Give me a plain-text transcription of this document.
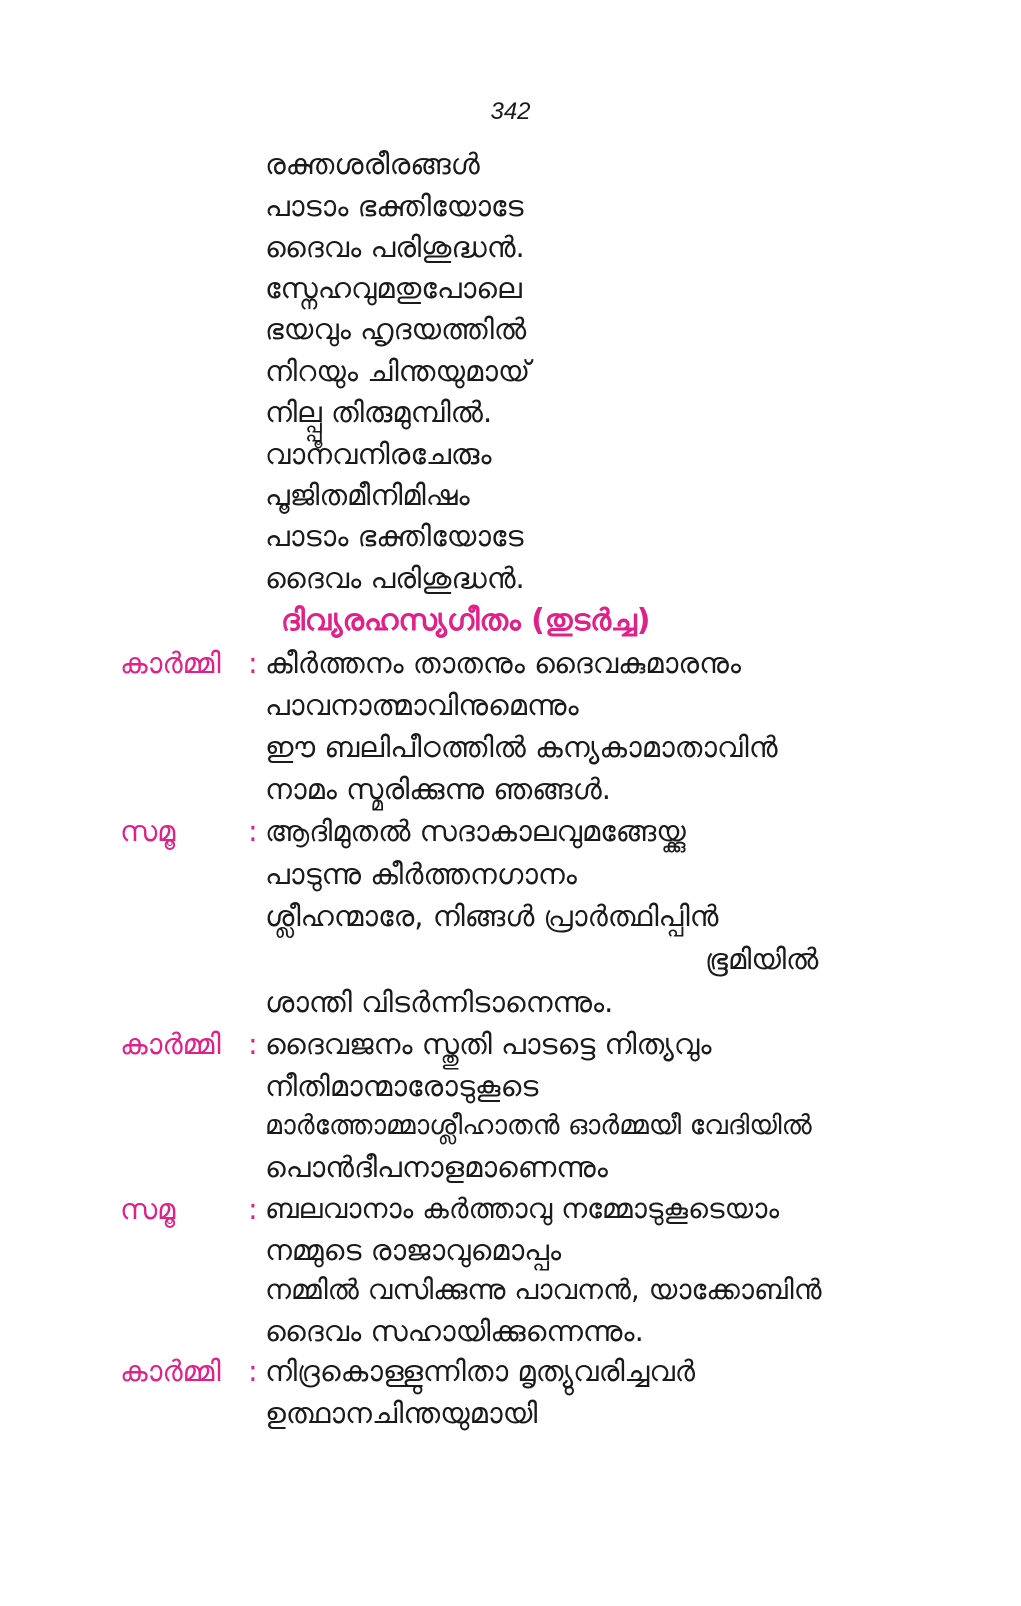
342
രക്തശരീരങ്ങൾ
പാടാം ഭക്തിയോടേ
ദൈവം പരിശുദ്ധൻ.
സ്നേഹവുമതുപോലെ
ഭയവും ഹൃദയത്തിൽ
നിറയും ചിന്തയുമായ്
നില്പ്പൂ തിരുമുമ്പിൽ.
വാനവനിരചേരും
പൂജിതമീനിമിഷം
പാടാം ഭക്തിയോടേ
ദൈവം പരിശുദ്ധൻ.
ദിവ്യരഹസ്യഗീതം (തുടർച്ച)
കാർമ്മി : കീർത്തനം താതനും ദൈവകുമാരനും
പാവനാത്മാവിനുമെന്നും
ഈ ബലിപീഠത്തിൽ കന്യകാമാതാവിൻ
നാമം സ്മരിക്കുന്നു ഞങ്ങൾ.
സമൂ	: ആദിമുതൽ സദാകാലവുമങ്ങേയ്ക്കു
പാടുന്നു കീർത്തനഗാനം
ശ്ലീഹന്മാരേ, നിങ്ങൾ പ്രാർത്ഥിപ്പിൻ
ഭൂമിയിൽ
ശാന്തി വിടർന്നിടാനെന്നും.
കാർമ്മി : ദൈവജനം സ്തുതി പാടട്ടെ നിത്യവും
നീതിമാന്മാരോടുകൂടെ
മാർത്തോമ്മാശ്ലീഹാതൻ ഓർമ്മയീ വേദിയിൽ
പൊൻദീപനാളമാണെന്നും
സമൂ	: ബലവാനാം കർത്താവു നമ്മോടുകൂടെയാം
നമ്മുടെ രാജാവുമൊപ്പം
നമ്മിൽ വസിക്കുന്നു പാവനൻ, യാക്കോബിൻ
ദൈവം സഹായിക്കുന്നെന്നും.
കാർമ്മി : നിദ്രകൊള്ളുന്നിതാ മൃത്യുവരിച്ചവർ
ഉത്ഥാനചിന്തയുമായി
